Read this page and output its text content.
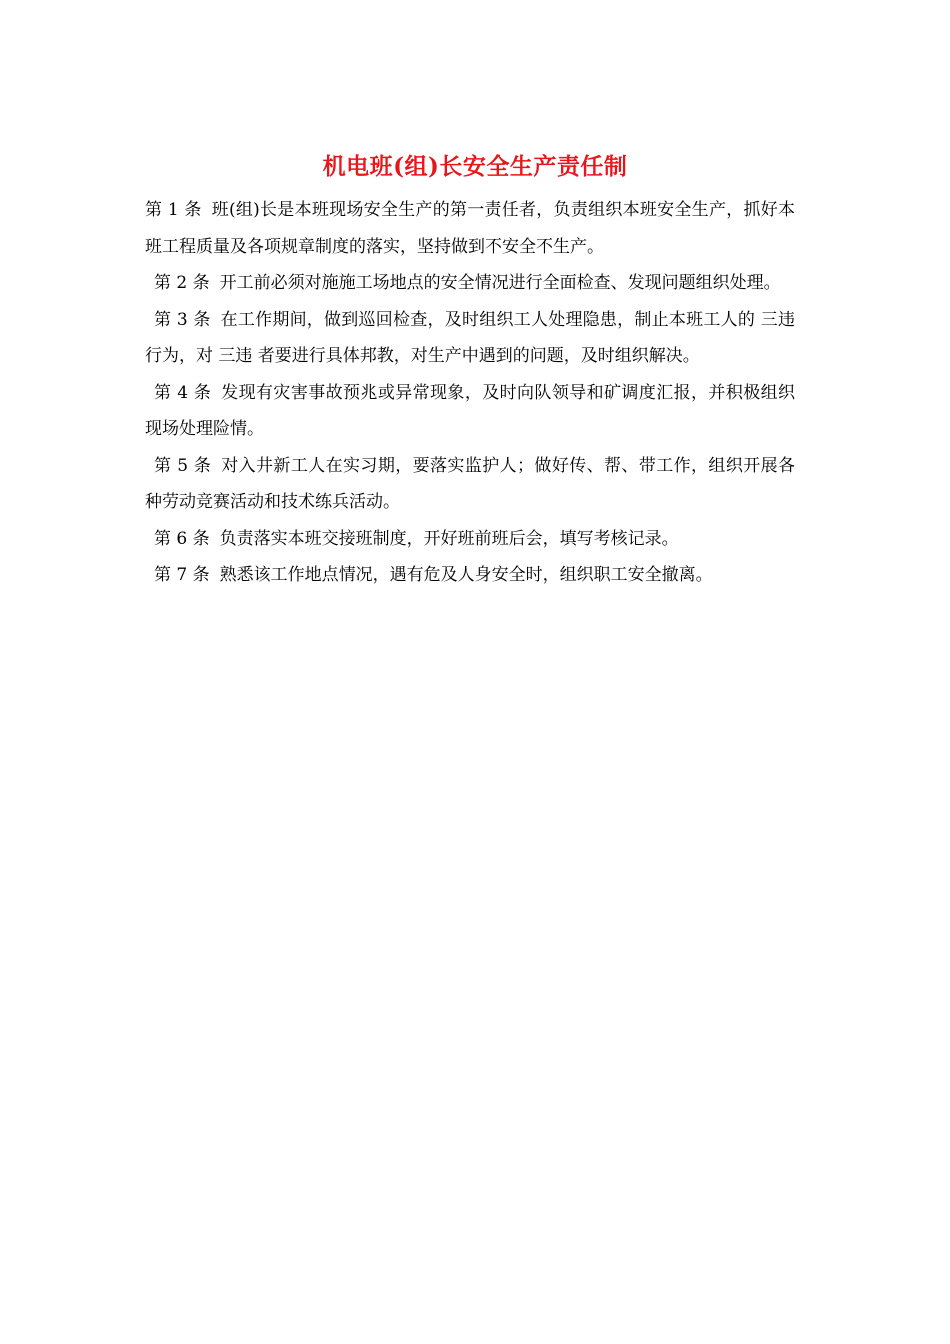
机电班(组)长安全生产责任制

第 1 条 班(组)长是本班现场安全生产的第一责任者，负责组织本班安全生产，抓好本班工程质量及各项规章制度的落实，坚持做到不安全不生产。

第 2 条 开工前必须对施施工场地点的安全情况进行全面检查、发现问题组织处理。

第 3 条 在工作期间，做到巡回检查，及时组织工人处理隐患，制止本班工人的 三违 行为，对 三违 者要进行具体邦教，对生产中遇到的问题，及时组织解决。

第 4 条 发现有灾害事故预兆或异常现象，及时向队领导和矿调度汇报，并积极组织现场处理险情。

第 5 条 对入井新工人在实习期，要落实监护人；做好传、帮、带工作，组织开展各种劳动竞赛活动和技术练兵活动。

第 6 条 负责落实本班交接班制度，开好班前班后会，填写考核记录。

第 7 条 熟悉该工作地点情况，遇有危及人身安全时，组织职工安全撤离。
